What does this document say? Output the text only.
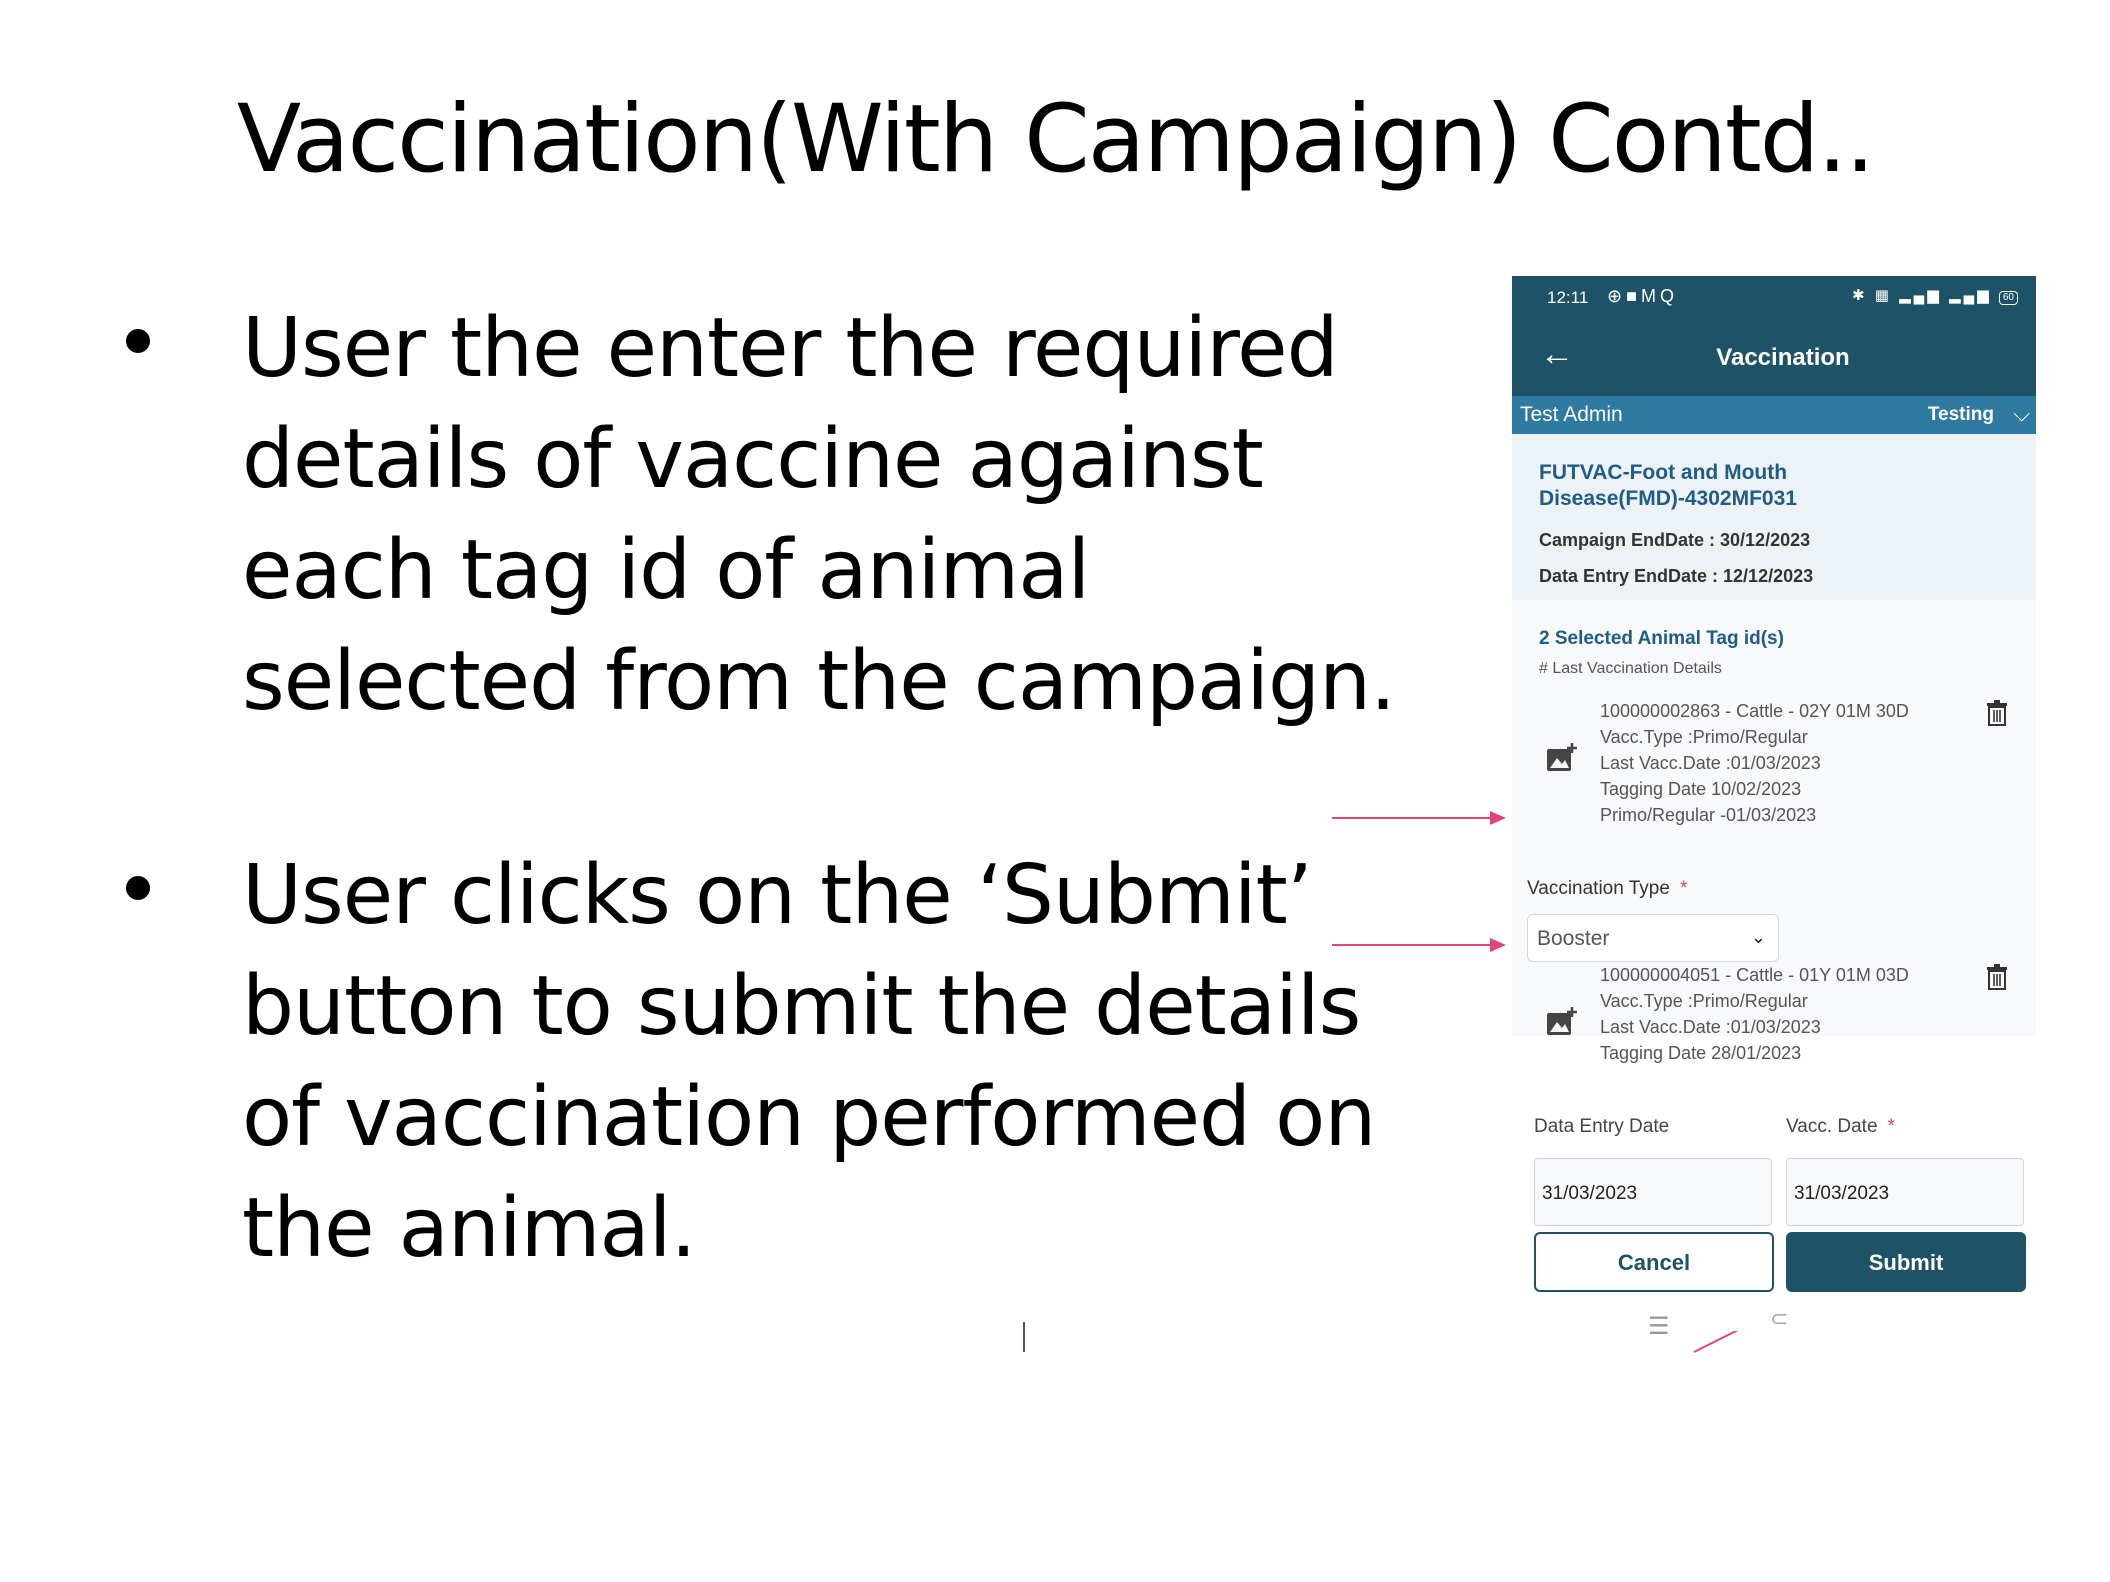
Vaccination(With Campaign) Contd..
User the enter the required details of vaccine against each tag id of animal selected from the campaign.
User clicks on the ‘Submit’ button to submit the details of vaccination performed on the animal.
12:11 ⊕■MQ	✱ ▦ ▂▄▆ ▂▄▆ 60
←	Vaccination
Test Admin	Testing ⌵
FUTVAC-Foot and Mouth Disease(FMD)-4302MF031
Campaign EndDate : 30/12/2023
Data Entry EndDate : 12/12/2023
2 Selected Animal Tag id(s)
# Last Vaccination Details
100000002863 - Cattle - 02Y 01M 30D
Vacc.Type :Primo/Regular
Last Vacc.Date :01/03/2023
Tagging Date 10/02/2023
Primo/Regular -01/03/2023
Vaccination Type *
Booster	⌄
100000004051 - Cattle - 01Y 01M 03D
Vacc.Type :Primo/Regular
Last Vacc.Date :01/03/2023
Tagging Date 28/01/2023
Data Entry Date	Vacc. Date *
31/03/2023	31/03/2023
Cancel	Submit
☰	⊂
